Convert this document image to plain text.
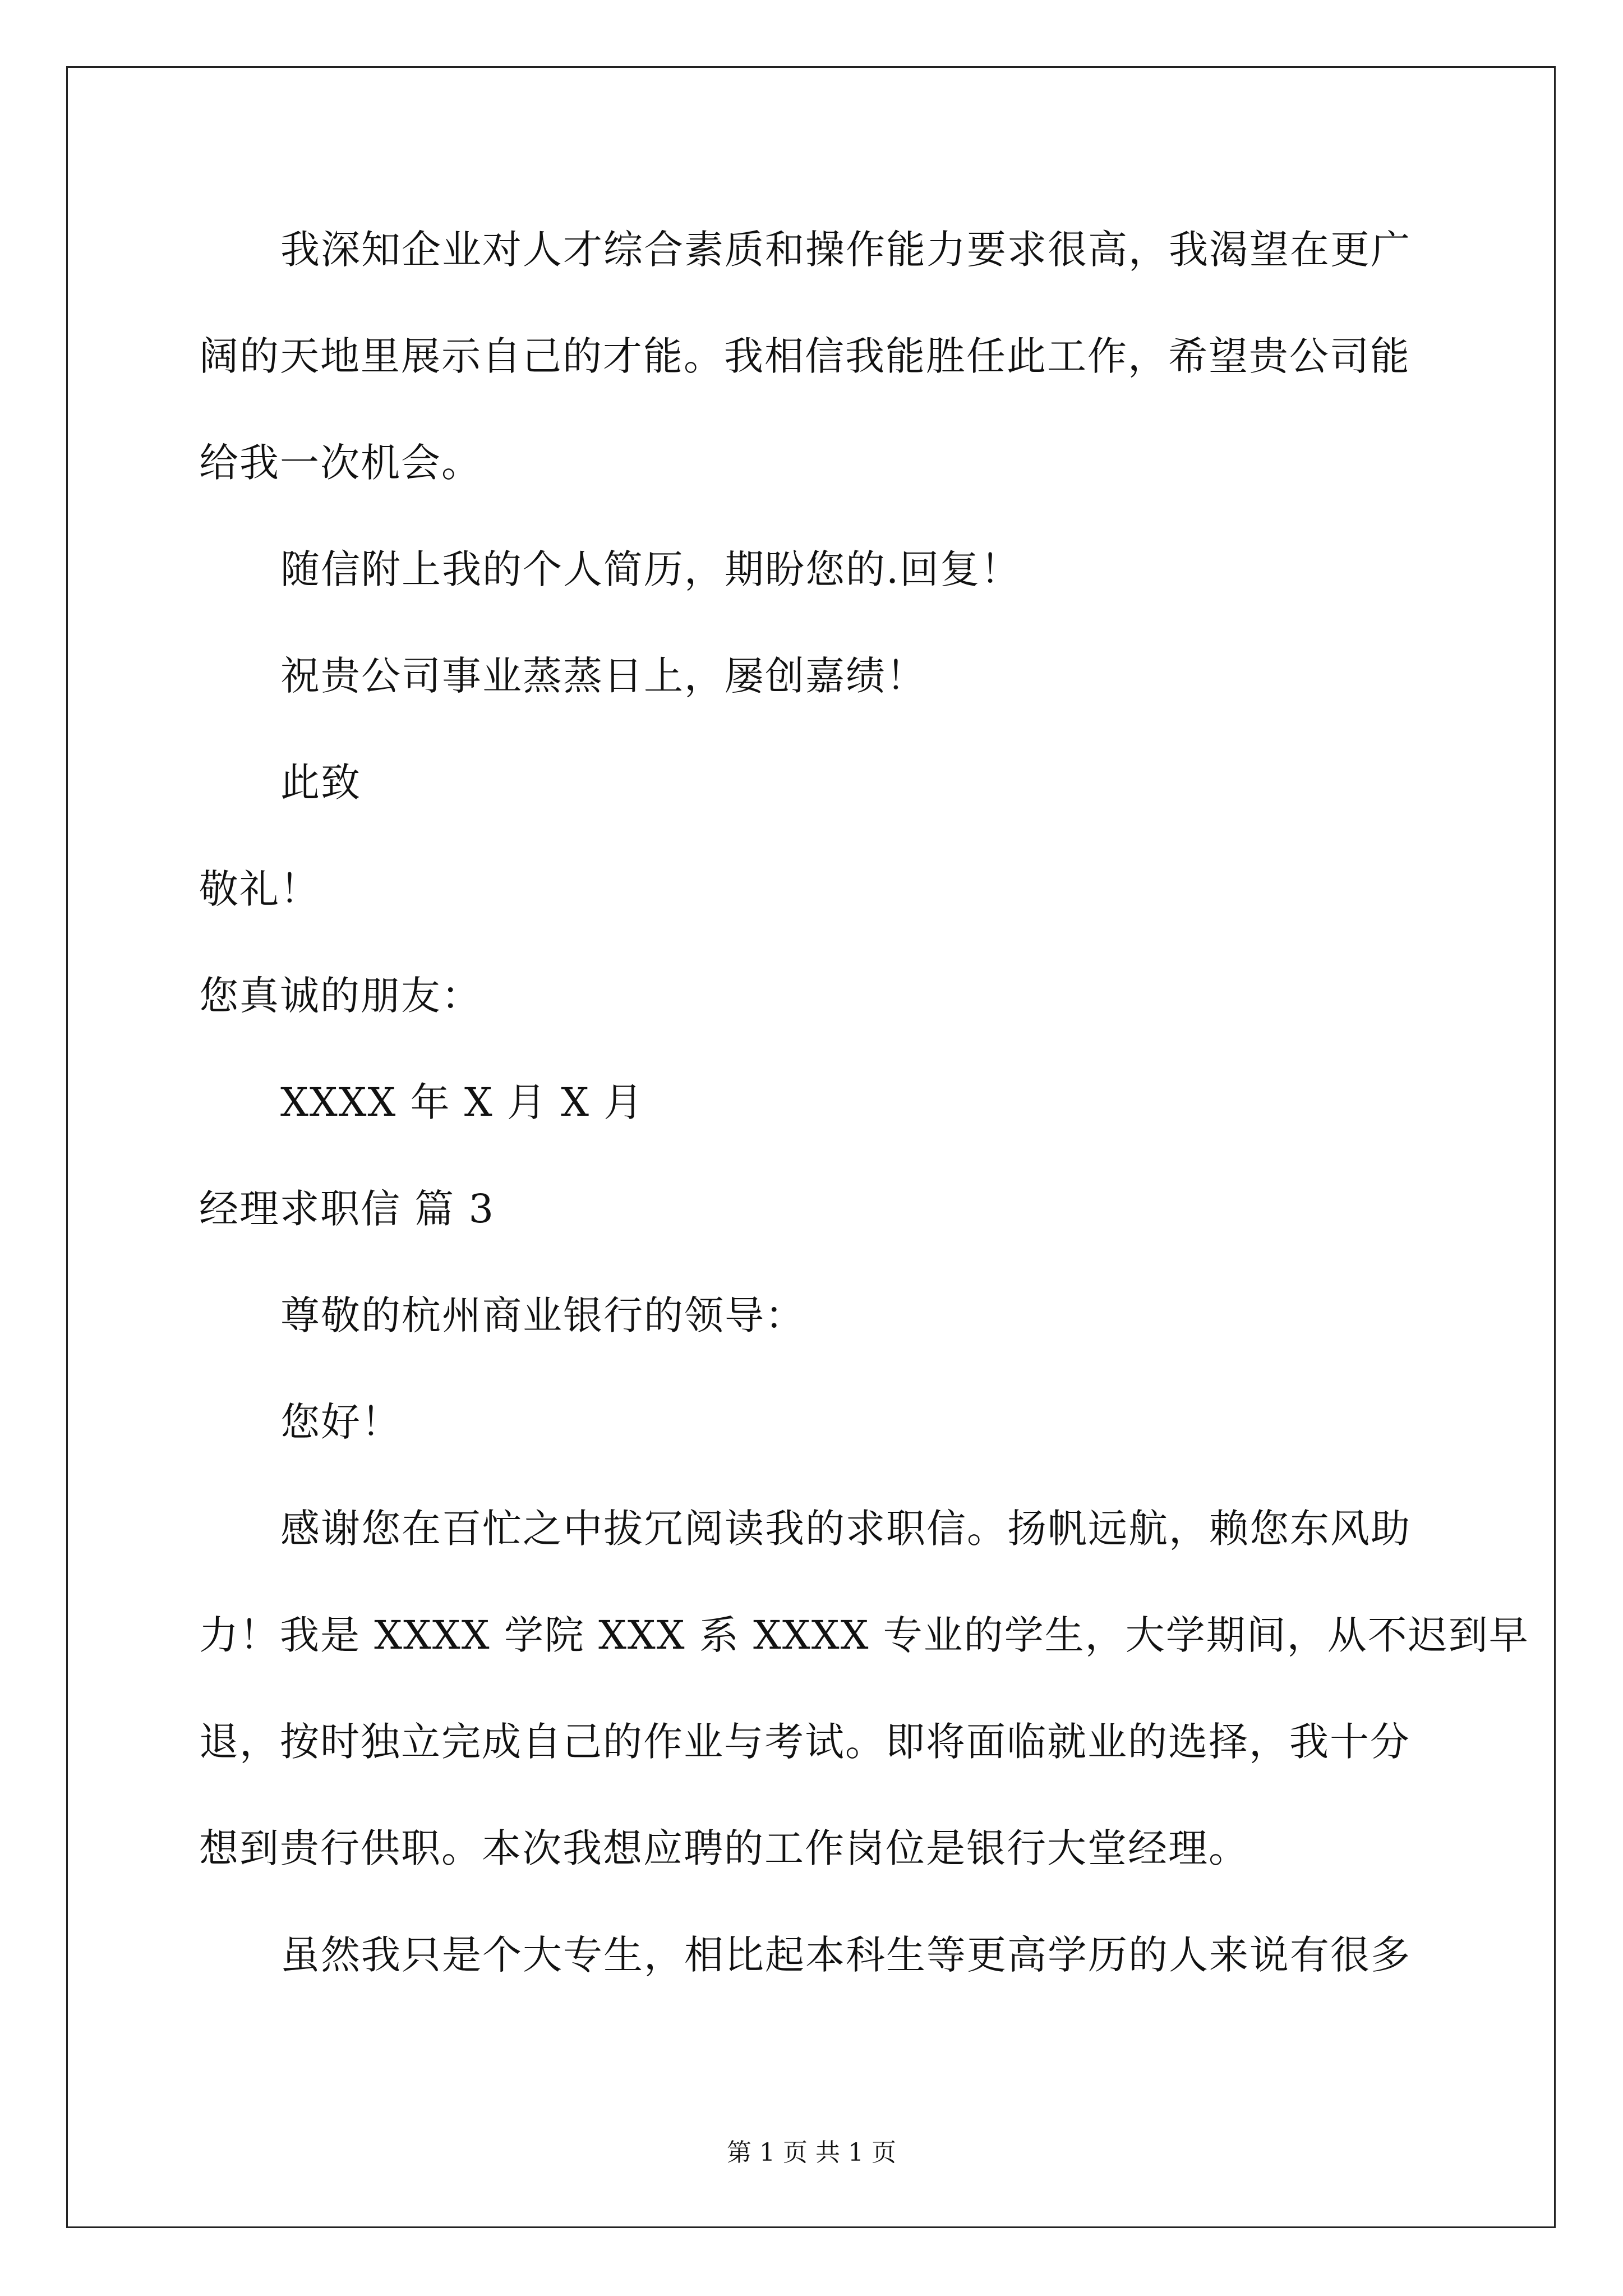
我深知企业对人才综合素质和操作能力要求很高，我渴望在更广
阔的天地里展示自己的才能。我相信我能胜任此工作，希望贵公司能
给我一次机会。
随信附上我的个人简历，期盼您的.回复！
祝贵公司事业蒸蒸日上，屡创嘉绩！
此致
敬礼！
您真诚的朋友：
XXXX 年 X 月 X 月
经理求职信 篇 3
尊敬的杭州商业银行的领导：
您好！
感谢您在百忙之中拔冗阅读我的求职信。扬帆远航，赖您东风助
力！我是 XXXX 学院 XXX 系 XXXX 专业的学生，大学期间，从不迟到早
退，按时独立完成自己的作业与考试。即将面临就业的选择，我十分
想到贵行供职。本次我想应聘的工作岗位是银行大堂经理。
虽然我只是个大专生，相比起本科生等更高学历的人来说有很多
第 1 页 共 1 页
